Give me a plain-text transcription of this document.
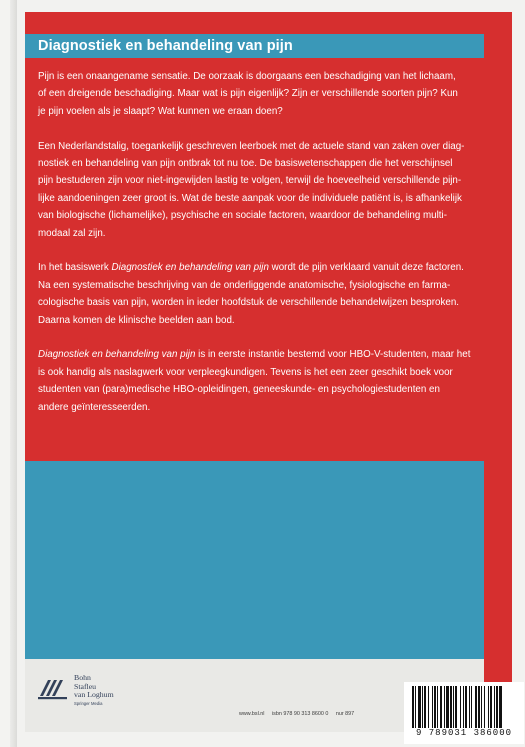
Diagnostiek en behandeling van pijn

Pijn is een onaangename sensatie. De oorzaak is doorgaans een beschadiging van het lichaam,
of een dreigende beschadiging. Maar wat is pijn eigenlijk? Zijn er verschillende soorten pijn? Kun
je pijn voelen als je slaapt? Wat kunnen we eraan doen?

Een Nederlandstalig, toegankelijk geschreven leerboek met de actuele stand van zaken over diag-
nostiek en behandeling van pijn ontbrak tot nu toe. De basiswetenschappen die het verschijnsel
pijn bestuderen zijn voor niet-ingewijden lastig te volgen, terwijl de hoeveelheid verschillende pijn-
lijke aandoeningen zeer groot is. Wat de beste aanpak voor de individuele patiënt is, is afhankelijk
van biologische (lichamelijke), psychische en sociale factoren, waardoor de behandeling multi-
modaal zal zijn.

In het basiswerk Diagnostiek en behandeling van pijn wordt de pijn verklaard vanuit deze factoren.
Na een systematische beschrijving van de onderliggende anatomische, fysiologische en farma-
cologische basis van pijn, worden in ieder hoofdstuk de verschillende behandelwijzen besproken.
Daarna komen de klinische beelden aan bod.

Diagnostiek en behandeling van pijn is in eerste instantie bestemd voor HBO-V-studenten, maar het
is ook handig als naslagwerk voor verpleegkundigen. Tevens is het een zeer geschikt boek voor
studenten van (para)medische HBO-opleidingen, geneeskunde- en psychologiestudenten en
andere geïnteresseerden.

Bohn
Stafleu
van Loghum
Springer Media
www.bsl.nl isbn 978 90 313 8600 0 nur 897
9 789031 386000
